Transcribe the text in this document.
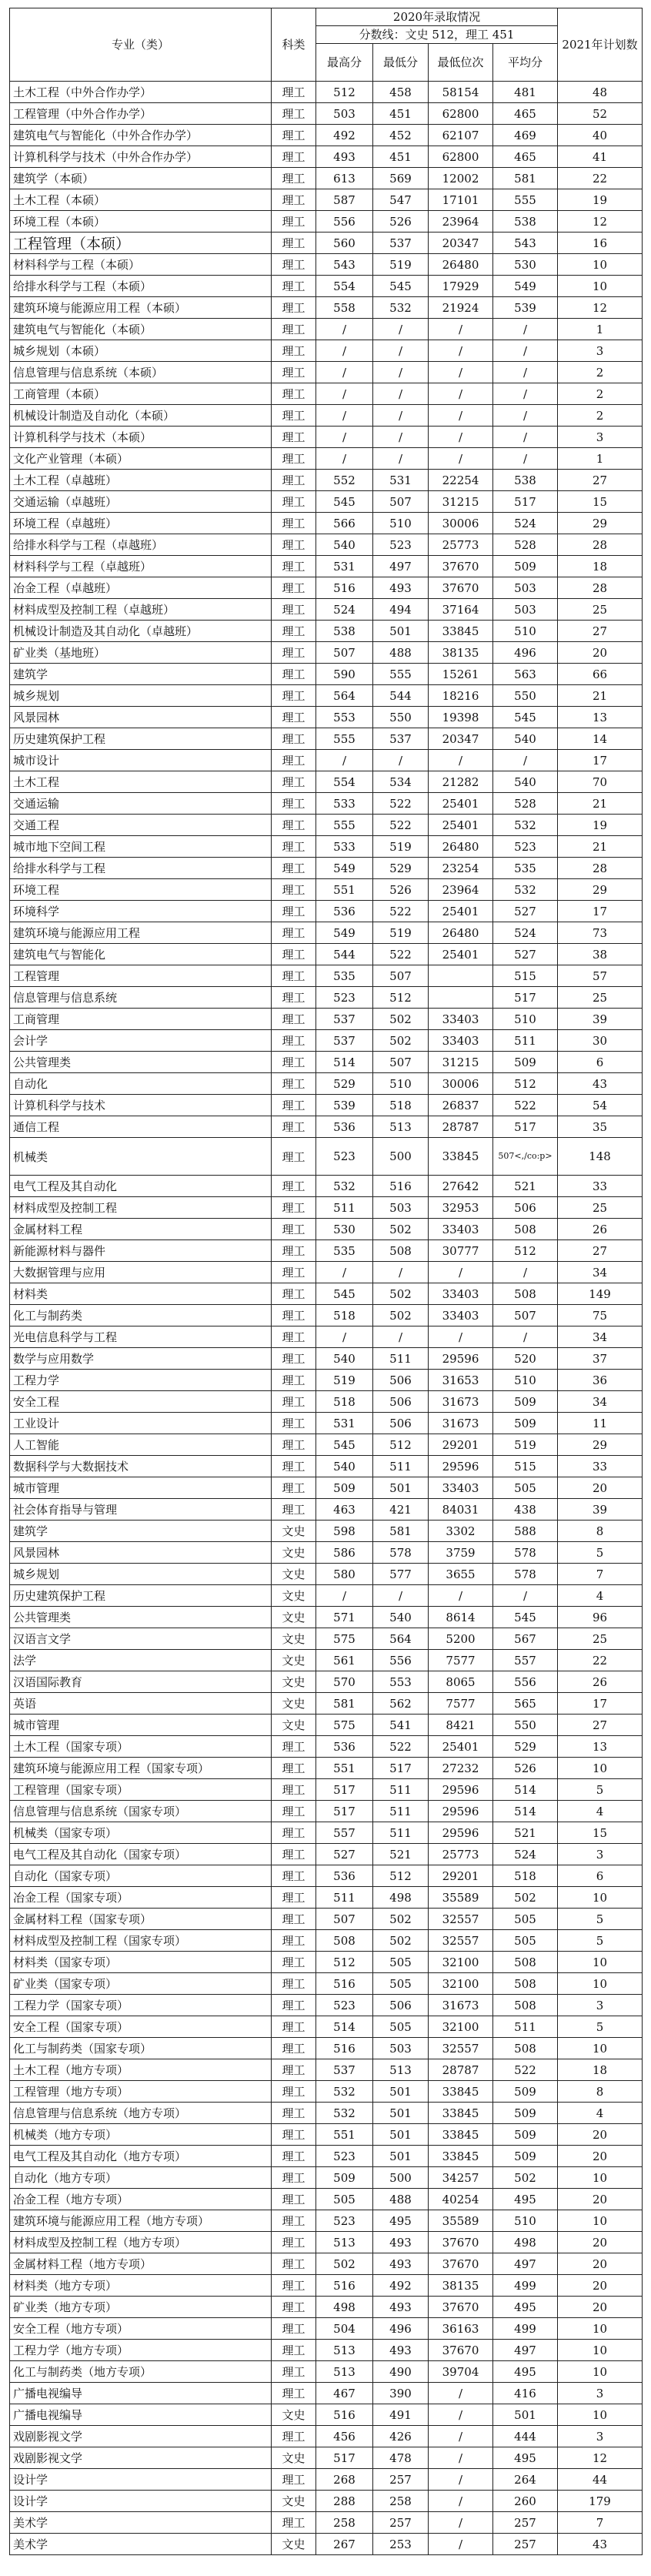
专业（类）	科类	2020年录取情况				2021年计划数
		分数线：文史 512，理工 451				
		最高分	最低分	最低位次	平均分	
土木工程（中外合作办学）	理工	512	458	58154	481	48
工程管理（中外合作办学）	理工	503	451	62800	465	52
建筑电气与智能化（中外合作办学）	理工	492	452	62107	469	40
计算机科学与技术（中外合作办学）	理工	493	451	62800	465	41
建筑学（本硕）	理工	613	569	12002	581	22
土木工程（本硕）	理工	587	547	17101	555	19
环境工程（本硕）	理工	556	526	23964	538	12
工程管理（本硕）	理工	560	537	20347	543	16
材料科学与工程（本硕）	理工	543	519	26480	530	10
给排水科学与工程（本硕）	理工	554	545	17929	549	10
建筑环境与能源应用工程（本硕）	理工	558	532	21924	539	12
建筑电气与智能化（本硕）	理工	/	/	/	/	1
城乡规划（本硕）	理工	/	/	/	/	3
信息管理与信息系统（本硕）	理工	/	/	/	/	2
工商管理（本硕）	理工	/	/	/	/	2
机械设计制造及自动化（本硕）	理工	/	/	/	/	2
计算机科学与技术（本硕）	理工	/	/	/	/	3
文化产业管理（本硕）	理工	/	/	/	/	1
土木工程（卓越班）	理工	552	531	22254	538	27
交通运输（卓越班）	理工	545	507	31215	517	15
环境工程（卓越班）	理工	566	510	30006	524	29
给排水科学与工程（卓越班）	理工	540	523	25773	528	28
材料科学与工程（卓越班）	理工	531	497	37670	509	18
冶金工程（卓越班）	理工	516	493	37670	503	28
材料成型及控制工程（卓越班）	理工	524	494	37164	503	25
机械设计制造及其自动化（卓越班）	理工	538	501	33845	510	27
矿业类（基地班）	理工	507	488	38135	496	20
建筑学	理工	590	555	15261	563	66
城乡规划	理工	564	544	18216	550	21
风景园林	理工	553	550	19398	545	13
历史建筑保护工程	理工	555	537	20347	540	14
城市设计	理工	/	/	/	/	17
土木工程	理工	554	534	21282	540	70
交通运输	理工	533	522	25401	528	21
交通工程	理工	555	522	25401	532	19
城市地下空间工程	理工	533	519	26480	523	21
给排水科学与工程	理工	549	529	23254	535	28
环境工程	理工	551	526	23964	532	29
环境科学	理工	536	522	25401	527	17
建筑环境与能源应用工程	理工	549	519	26480	524	73
建筑电气与智能化	理工	544	522	25401	527	38
工程管理	理工	535	507		515	57
信息管理与信息系统	理工	523	512		517	25
工商管理	理工	537	502	33403	510	39
会计学	理工	537	502	33403	511	30
公共管理类	理工	514	507	31215	509	6
自动化	理工	529	510	30006	512	43
计算机科学与技术	理工	539	518	26837	522	54
通信工程	理工	536	513	28787	517	35
机械类	理工	523	500	33845	507<,/co:p>	148
电气工程及其自动化	理工	532	516	27642	521	33
材料成型及控制工程	理工	511	503	32953	506	25
金属材料工程	理工	530	502	33403	508	26
新能源材料与器件	理工	535	508	30777	512	27
大数据管理与应用	理工	/	/	/	/	34
材料类	理工	545	502	33403	508	149
化工与制药类	理工	518	502	33403	507	75
光电信息科学与工程	理工	/	/	/	/	34
数学与应用数学	理工	540	511	29596	520	37
工程力学	理工	519	506	31653	510	36
安全工程	理工	518	506	31673	509	34
工业设计	理工	531	506	31673	509	11
人工智能	理工	545	512	29201	519	29
数据科学与大数据技术	理工	540	511	29596	515	33
城市管理	理工	509	501	33403	505	20
社会体育指导与管理	理工	463	421	84031	438	39
建筑学	文史	598	581	3302	588	8
风景园林	文史	586	578	3759	578	5
城乡规划	文史	580	577	3655	578	7
历史建筑保护工程	文史	/	/	/	/	4
公共管理类	文史	571	540	8614	545	96
汉语言文学	文史	575	564	5200	567	25
法学	文史	561	556	7577	557	22
汉语国际教育	文史	570	553	8065	556	26
英语	文史	581	562	7577	565	17
城市管理	文史	575	541	8421	550	27
土木工程（国家专项）	理工	536	522	25401	529	13
建筑环境与能源应用工程（国家专项）	理工	551	517	27232	526	10
工程管理（国家专项）	理工	517	511	29596	514	5
信息管理与信息系统（国家专项）	理工	517	511	29596	514	4
机械类（国家专项）	理工	557	511	29596	521	15
电气工程及其自动化（国家专项）	理工	527	521	25773	524	3
自动化（国家专项）	理工	536	512	29201	518	6
冶金工程（国家专项）	理工	511	498	35589	502	10
金属材料工程（国家专项）	理工	507	502	32557	505	5
材料成型及控制工程（国家专项）	理工	508	502	32557	505	5
材料类（国家专项）	理工	512	505	32100	508	10
矿业类（国家专项）	理工	516	505	32100	508	10
工程力学（国家专项）	理工	523	506	31673	508	3
安全工程（国家专项）	理工	514	505	32100	511	5
化工与制药类（国家专项）	理工	516	503	32557	508	10
土木工程（地方专项）	理工	537	513	28787	522	18
工程管理（地方专项）	理工	532	501	33845	509	8
信息管理与信息系统（地方专项）	理工	532	501	33845	509	4
机械类（地方专项）	理工	551	501	33845	509	20
电气工程及其自动化（地方专项）	理工	523	501	33845	509	20
自动化（地方专项）	理工	509	500	34257	502	10
冶金工程（地方专项）	理工	505	488	40254	495	20
建筑环境与能源应用工程（地方专项）	理工	523	495	35589	510	10
材料成型及控制工程（地方专项）	理工	513	493	37670	498	20
金属材料工程（地方专项）	理工	502	493	37670	497	20
材料类（地方专项）	理工	516	492	38135	499	20
矿业类（地方专项）	理工	498	493	37670	495	20
安全工程（地方专项）	理工	504	496	36163	499	10
工程力学（地方专项）	理工	513	493	37670	497	10
化工与制药类（地方专项）	理工	513	490	39704	495	10
广播电视编导	理工	467	390	/	416	3
广播电视编导	文史	516	491	/	501	10
戏剧影视文学	理工	456	426	/	444	3
戏剧影视文学	文史	517	478	/	495	12
设计学	理工	268	257	/	264	44
设计学	文史	288	258	/	260	179
美术学	理工	258	257	/	257	7
美术学	文史	267	253	/	257	43
